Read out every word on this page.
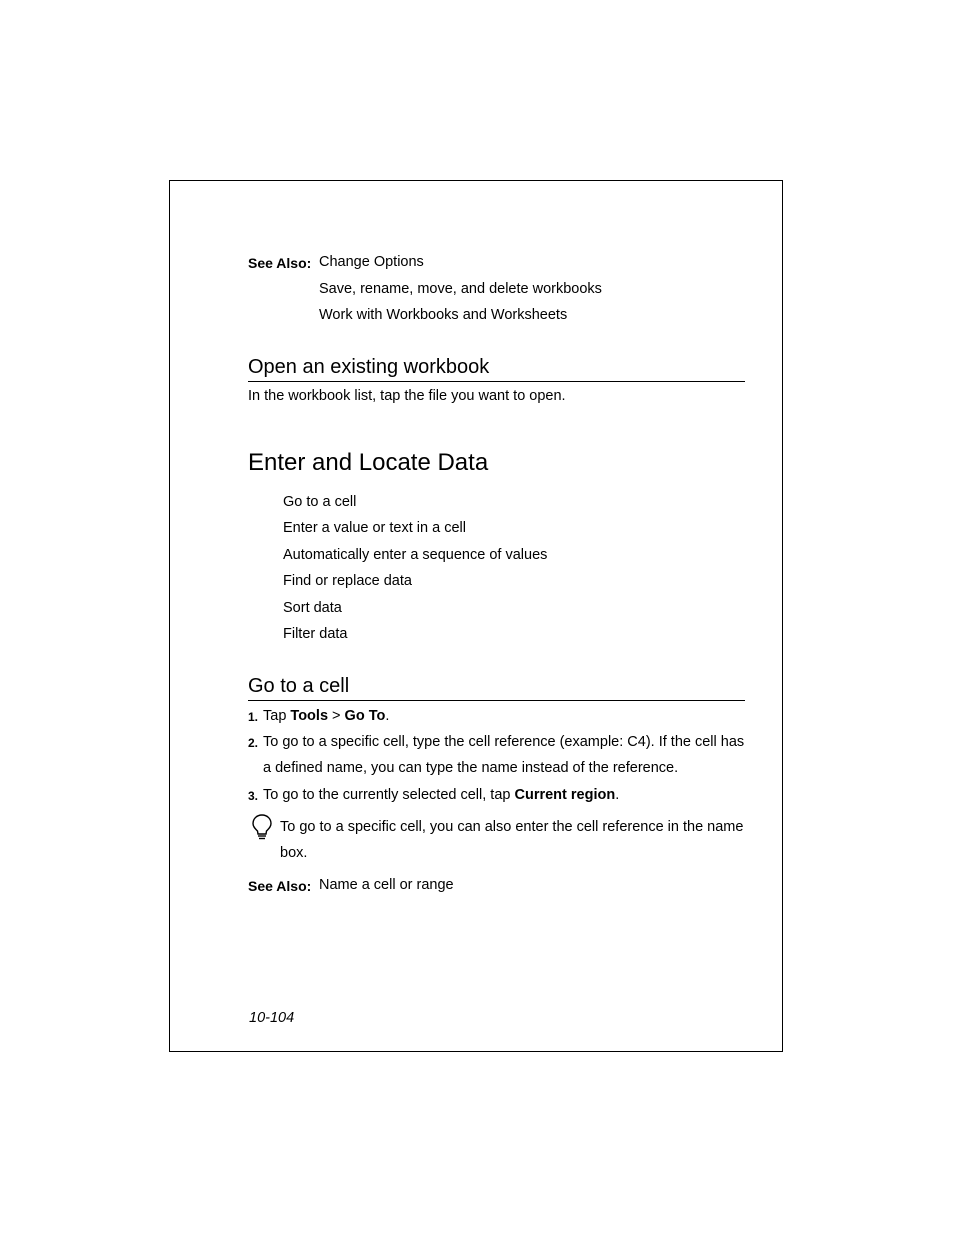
See Also: Change Options
Save, rename, move, and delete workbooks
Work with Workbooks and Worksheets
Open an existing workbook
In the workbook list, tap the file you want to open.
Enter and Locate Data
Go to a cell
Enter a value or text in a cell
Automatically enter a sequence of values
Find or replace data
Sort data
Filter data
Go to a cell
1. Tap Tools > Go To.
2. To go to a specific cell, type the cell reference (example: C4). If the cell has
a defined name, you can type the name instead of the reference.
3. To go to the currently selected cell, tap Current region.
To go to a specific cell, you can also enter the cell reference in the name
box.
See Also: Name a cell or range
10-104
